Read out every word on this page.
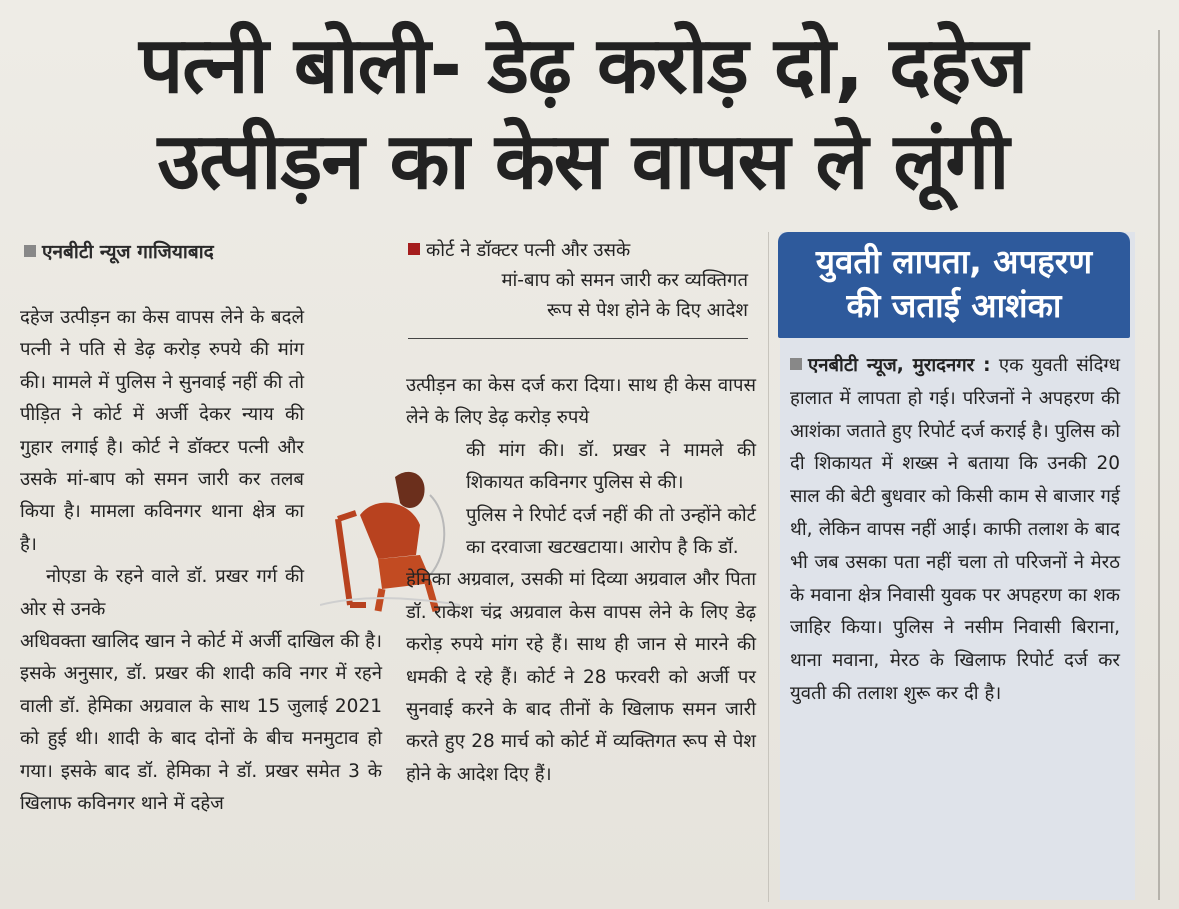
पत्नी बोली- डेढ़ करोड़ दो, दहेज
उत्पीड़न का केस वापस ले लूंगी
एनबीटी न्यूज गाजियाबाद	कोर्ट ने डॉक्टर पत्नी और उसके
मां-बाप को समन जारी कर व्यक्तिगत
रूप से पेश होने के दिए आदेश

दहेज उत्पीड़न का केस वापस लेने के बदले पत्नी ने पति से डेढ़ करोड़ रुपये की मांग की। मामले में पुलिस ने सुनवाई नहीं की तो पीड़ित ने कोर्ट में अर्जी देकर न्याय की गुहार लगाई है। कोर्ट ने डॉक्टर पत्नी और उसके मां-बाप को समन जारी कर तलब किया है। मामला कविनगर थाना क्षेत्र का है।

नोएडा के रहने वाले डॉ. प्रखर गर्ग की ओर से उनके

अधिवक्ता खालिद खान ने कोर्ट में अर्जी दाखिल की है। इसके अनुसार, डॉ. प्रखर की शादी कवि नगर में रहने वाली डॉ. हेमिका अग्रवाल के साथ 15 जुलाई 2021 को हुई थी। शादी के बाद दोनों के बीच मनमुटाव हो गया। इसके बाद डॉ. हेमिका ने डॉ. प्रखर समेत 3 के खिलाफ कविनगर थाने में दहेज

उत्पीड़न का केस दर्ज करा दिया। साथ ही केस वापस लेने के लिए डेढ़ करोड़ रुपये

की मांग की। डॉ. प्रखर ने मामले की शिकायत कविनगर पुलिस से की।

पुलिस ने रिपोर्ट दर्ज नहीं की तो उन्होंने कोर्ट का दरवाजा खटखटाया। आरोप है कि डॉ.

हेमिका अग्रवाल, उसकी मां दिव्या अग्रवाल और पिता डॉ. राकेश चंद्र अग्रवाल केस वापस लेने के लिए डेढ़ करोड़ रुपये मांग रहे हैं। साथ ही जान से मारने की धमकी दे रहे हैं। कोर्ट ने 28 फरवरी को अर्जी पर सुनवाई करने के बाद तीनों के खिलाफ समन जारी करते हुए 28 मार्च को कोर्ट में व्यक्तिगत रूप से पेश होने के आदेश दिए हैं।

युवती लापता, अपहरण
की जताई आशंका
एनबीटी न्यूज, मुरादनगर : एक युवती संदिग्ध हालात में लापता हो गई। परिजनों ने अपहरण की आशंका जताते हुए रिपोर्ट दर्ज कराई है। पुलिस को दी शिकायत में शख्स ने बताया कि उनकी 20 साल की बेटी बुधवार को किसी काम से बाजार गई थी, लेकिन वापस नहीं आई। काफी तलाश के बाद भी जब उसका पता नहीं चला तो परिजनों ने मेरठ के मवाना क्षेत्र निवासी युवक पर अपहरण का शक जाहिर किया। पुलिस ने नसीम निवासी बिराना, थाना मवाना, मेरठ के खिलाफ रिपोर्ट दर्ज कर युवती की तलाश शुरू कर दी है।
